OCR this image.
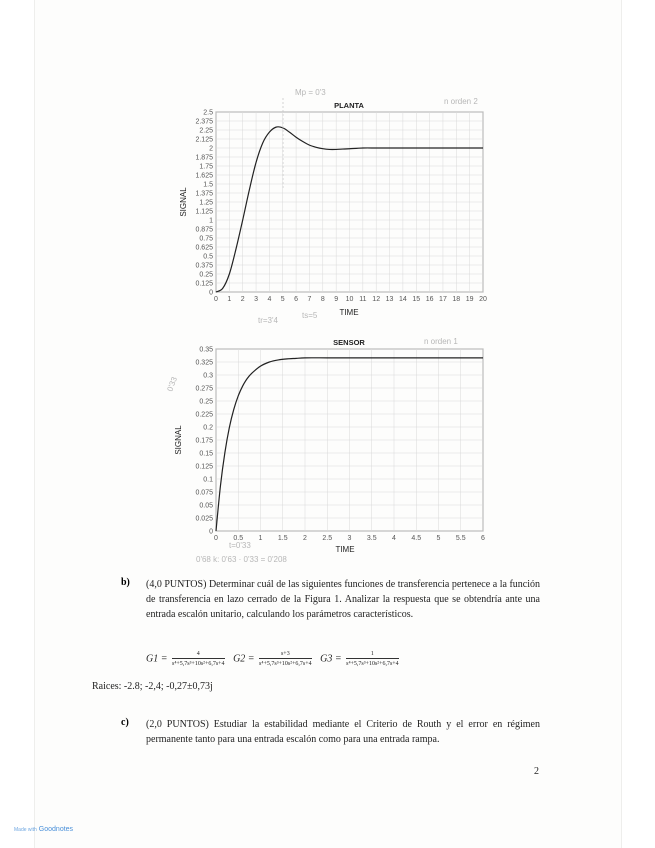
PLANTA
0
0.125
0.25
0.375
0.5
0.625
0.75
0.875
1
1.125
1.25
1.375
1.5
1.625
1.75
1.875
2
2.125
2.25
2.375
2.5
0 1 2 3 4 5 6 7 8 9 10 11 12 13 14 15 16 17 18 19 20
SIGNAL
TIME
SENSOR
0
0.025
0.05
0.075
0.1
0.125
0.15
0.175
0.2
0.225
0.25
0.275
0.3
0.325
0.35
0 0.5 1 1.5 2 2.5 3 3.5 4 4.5 5 5.5 6
SIGNAL
TIME
Mp = 0'3
n orden 2
tr=3'4
ts=5
n orden 1
0'33
t=0'33
0'68 k: 0'63 · 0'33 = 0'208
b) (4,0 PUNTOS) Determinar cuál de las siguientes funciones de transferencia pertenece a la función de transferencia en lazo cerrado de la Figura 1. Analizar la respuesta que se obtendría ante una entrada escalón unitario, calculando los parámetros característicos.
$G1 = \frac{4}{\text{s⁴+5,7s³+10s²+6,7s+4}} G2 = \frac{s+3}{\text{s⁴+5,7s³+10s²+6,7s+4}} G3 = \frac{1}{\text{s⁴+5,7s³+10s²+6,7s+4}}$
Raices: -2.8; -2,4; -0,27±0,73j
c) (2,0 PUNTOS) Estudiar la estabilidad mediante el Criterio de Routh y el error en régimen permanente tanto para una entrada escalón como para una entrada rampa.
2
Made with Goodnotes
